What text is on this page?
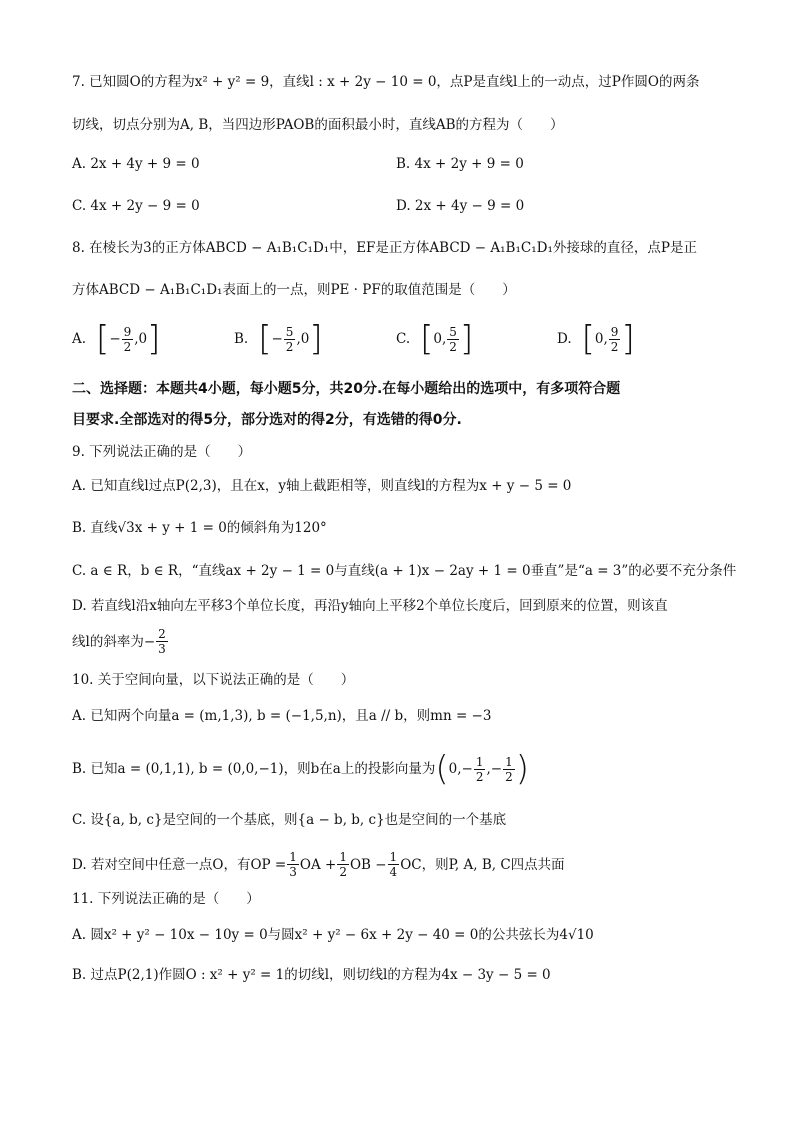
7. 已知圆O的方程为x² + y² = 9，直线l : x + 2y − 10 = 0，点P是直线l上的一动点，过P作圆O的两条
切线，切点分别为A, B，当四边形PAOB的面积最小时，直线AB的方程为（　　）
A. 2x + 4y + 9 = 0	B. 4x + 2y + 9 = 0
C. 4x + 2y − 9 = 0	D. 2x + 4y − 9 = 0
8. 在棱长为3的正方体ABCD − A₁B₁C₁D₁中，EF是正方体ABCD − A₁B₁C₁D₁外接球的直径，点P是正
方体ABCD − A₁B₁C₁D₁表面上的一点，则PE · PF的取值范围是（　　）
A. [ − $\frac{9}{2} ,0$ ]	B. [ − $\frac{5}{2} ,0$ ]	C. [ 0, $\frac{5}{2}$ ]	D. [ 0, $\frac{9}{2}$ ]
二、选择题：本题共4小题，每小题5分，共20分.在每小题给出的选项中，有多项符合题
目要求.全部选对的得5分，部分选对的得2分，有选错的得0分.
9. 下列说法正确的是（　　）
A. 已知直线l过点P(2,3)，且在x，y轴上截距相等，则直线l的方程为x + y − 5 = 0
B. 直线√3x + y + 1 = 0的倾斜角为120°
C. a ∈ R，b ∈ R，“直线ax + 2y − 1 = 0与直线(a + 1)x − 2ay + 1 = 0垂直”是“a = 3”的必要不充分条件
D. 若直线l沿x轴向左平移3个单位长度，再沿y轴向上平移2个单位长度后，回到原来的位置，则该直
线l的斜率为− $\frac{2}{3}$
10. 关于空间向量，以下说法正确的是（　　）
A. 已知两个向量a = (m,1,3), b = (−1,5,n)，且a // b，则mn = −3
B. 已知a = (0,1,1), b = (0,0,−1)，则b在a上的投影向量为 ( $0,- \frac{1}{2}$ ,− $\frac{1}{2}$ )
C. 设{a, b, c}是空间的一个基底，则{a − b, b, c}也是空间的一个基底
D. 若对空间中任意一点O，有OP = $\frac{1}{3}$ OA + $\frac{1}{2}$ OB − $\frac{1}{4}$ OC，则P, A, B, C四点共面
11. 下列说法正确的是（　　）
A. 圆x² + y² − 10x − 10y = 0与圆x² + y² − 6x + 2y − 40 = 0的公共弦长为4√10
B. 过点P(2,1)作圆O : x² + y² = 1的切线l，则切线l的方程为4x − 3y − 5 = 0
